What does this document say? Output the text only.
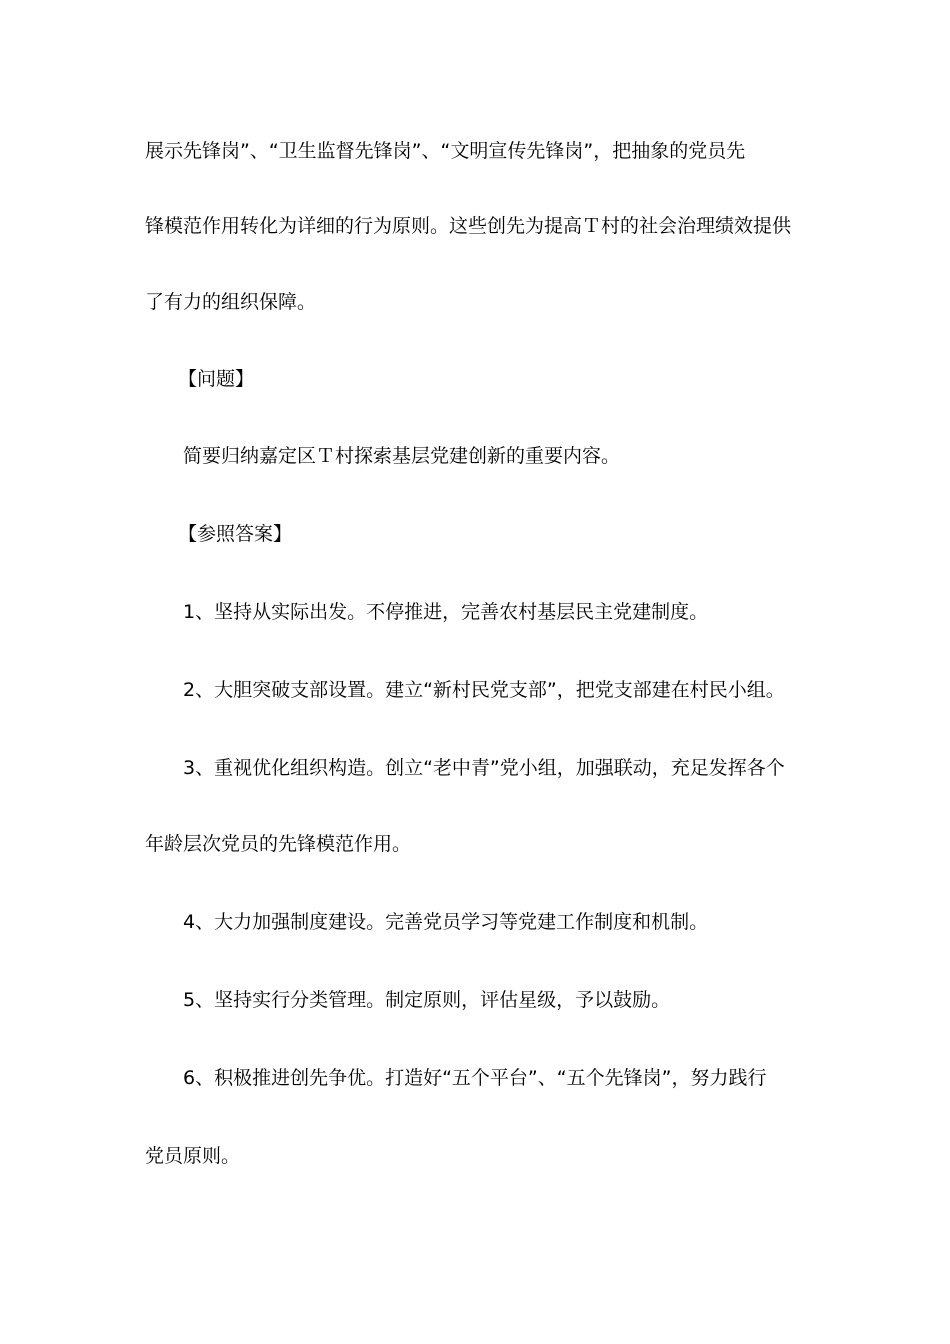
展示先锋岗”、“卫生监督先锋岗”、“文明宣传先锋岗”，把抽象的党员先
锋模范作用转化为详细的行为原则。这些创先为提高Ｔ村的社会治理绩效提供
了有力的组织保障。
【问题】
简要归纳嘉定区Ｔ村探索基层党建创新的重要内容。
【参照答案】
1、坚持从实际出发。不停推进，完善农村基层民主党建制度。
2、大胆突破支部设置。建立“新村民党支部”，把党支部建在村民小组。
3、重视优化组织构造。创立“老中青”党小组，加强联动，充足发挥各个
年龄层次党员的先锋模范作用。
4、大力加强制度建设。完善党员学习等党建工作制度和机制。
5、坚持实行分类管理。制定原则，评估星级，予以鼓励。
6、积极推进创先争优。打造好“五个平台”、“五个先锋岗”，努力践行
党员原则。
